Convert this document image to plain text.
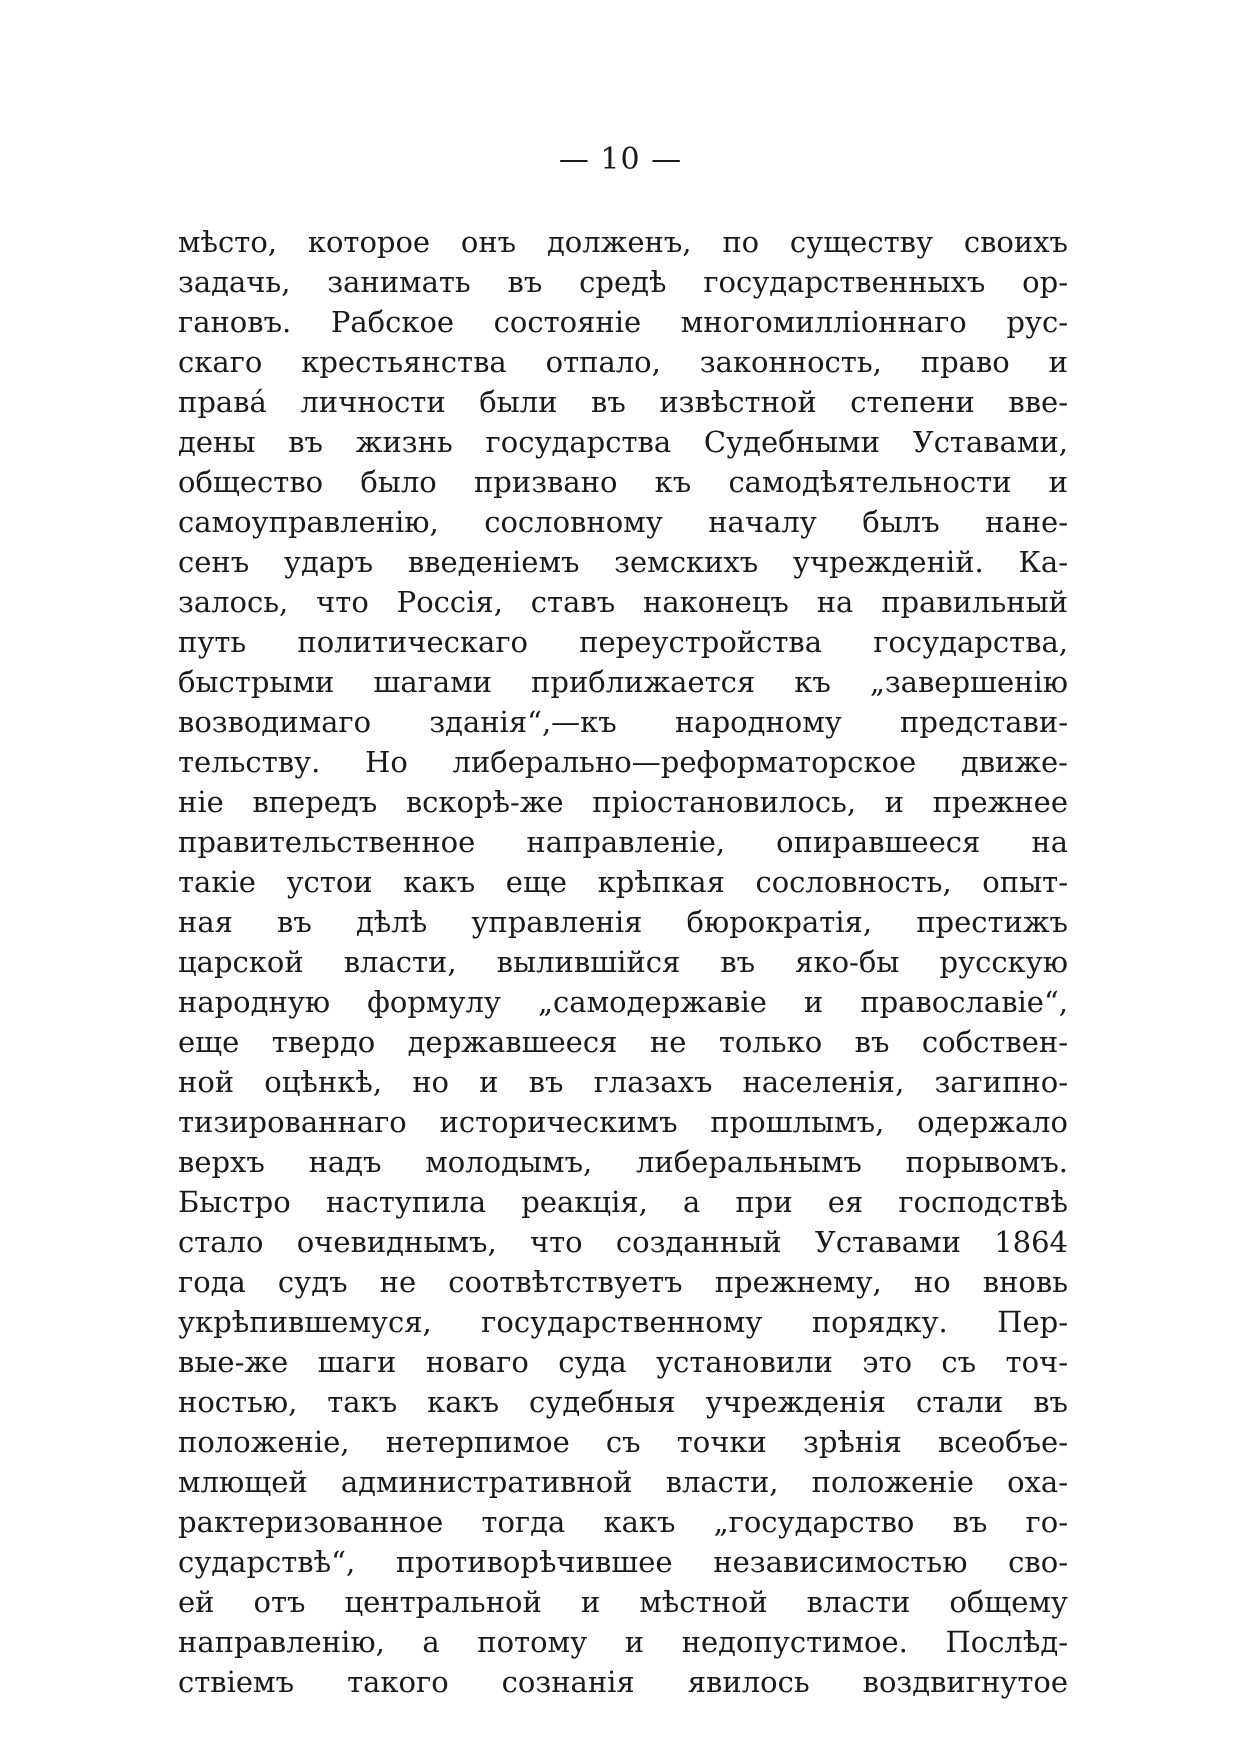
— 10 —
мѣсто, которое онъ долженъ, по существу своихъ
задачь, занимать въ средѣ государственныхъ ор-
гановъ. Рабское состояніе многомилліоннаго рус-
скаго крестьянства отпало, законность, право и
права́ личности были въ извѣстной степени вве-
дены въ жизнь государства Судебными Уставами,
общество было призвано къ самодѣятельности и
самоуправленію, сословному началу былъ нане-
сенъ ударъ введеніемъ земскихъ учрежденій. Ка-
залось, что Россія, ставъ наконецъ на правильный
путь политическаго переустройства государства,
быстрыми шагами приближается къ „завершенію
возводимаго зданія“,—къ народному представи-
тельству. Но либерально—реформаторское движе-
ніе впередъ вскорѣ-же пріостановилось, и прежнее
правительственное направленіе, опиравшееся на
такіе устои какъ еще крѣпкая сословность, опыт-
ная въ дѣлѣ управленія бюрократія, престижъ
царской власти, вылившійся въ яко-бы русскую
народную формулу „самодержавіе и православіе“,
еще твердо державшееся не только въ собствен-
ной оцѣнкѣ, но и въ глазахъ населенія, загипно-
тизированнаго историческимъ прошлымъ, одержало
верхъ надъ молодымъ, либеральнымъ порывомъ.
Быстро наступила реакція, а при ея господствѣ
стало очевиднымъ, что созданный Уставами 1864
года судъ не соотвѣтствуетъ прежнему, но вновь
укрѣпившемуся, государственному порядку. Пер-
вые-же шаги новаго суда установили это съ точ-
ностью, такъ какъ судебныя учрежденія стали въ
положеніе, нетерпимое съ точки зрѣнія всеобъе-
млющей административной власти, положеніе оха-
рактеризованное тогда какъ „государство въ го-
сударствѣ“, противорѣчившее независимостью сво-
ей отъ центральной и мѣстной власти общему
направленію, а потому и недопустимое. Послѣд-
ствіемъ такого сознанія явилось воздвигнутое
